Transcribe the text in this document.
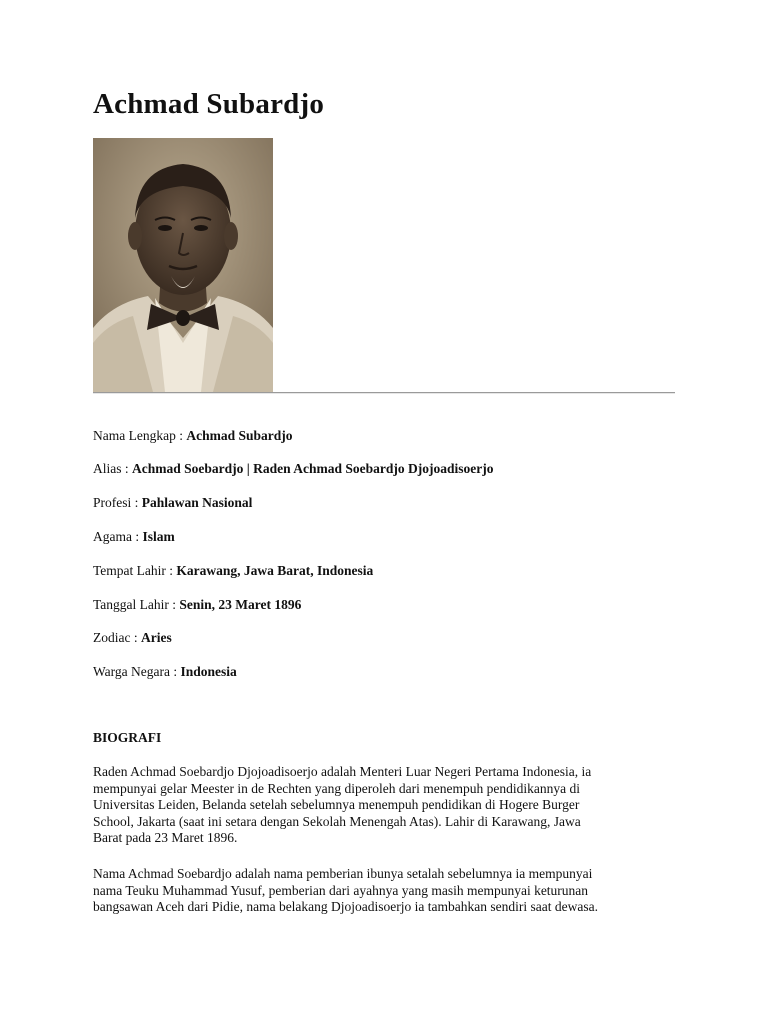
Achmad Subardjo

Nama Lengkap : Achmad Subardjo

Alias : Achmad Soebardjo | Raden Achmad Soebardjo Djojoadisoerjo

Profesi : Pahlawan Nasional

Agama : Islam

Tempat Lahir : Karawang, Jawa Barat, Indonesia

Tanggal Lahir : Senin, 23 Maret 1896

Zodiac : Aries

Warga Negara : Indonesia

BIOGRAFI
Raden Achmad Soebardjo Djojoadisoerjo adalah Menteri Luar Negeri Pertama Indonesia, ia
mempunyai gelar Meester in de Rechten yang diperoleh dari menempuh pendidikannya di
Universitas Leiden, Belanda setelah sebelumnya menempuh pendidikan di Hogere Burger
School, Jakarta (saat ini setara dengan Sekolah Menengah Atas). Lahir di Karawang, Jawa
Barat pada 23 Maret 1896.
Nama Achmad Soebardjo adalah nama pemberian ibunya setalah sebelumnya ia mempunyai
nama Teuku Muhammad Yusuf, pemberian dari ayahnya yang masih mempunyai keturunan
bangsawan Aceh dari Pidie, nama belakang Djojoadisoerjo ia tambahkan sendiri saat dewasa.
